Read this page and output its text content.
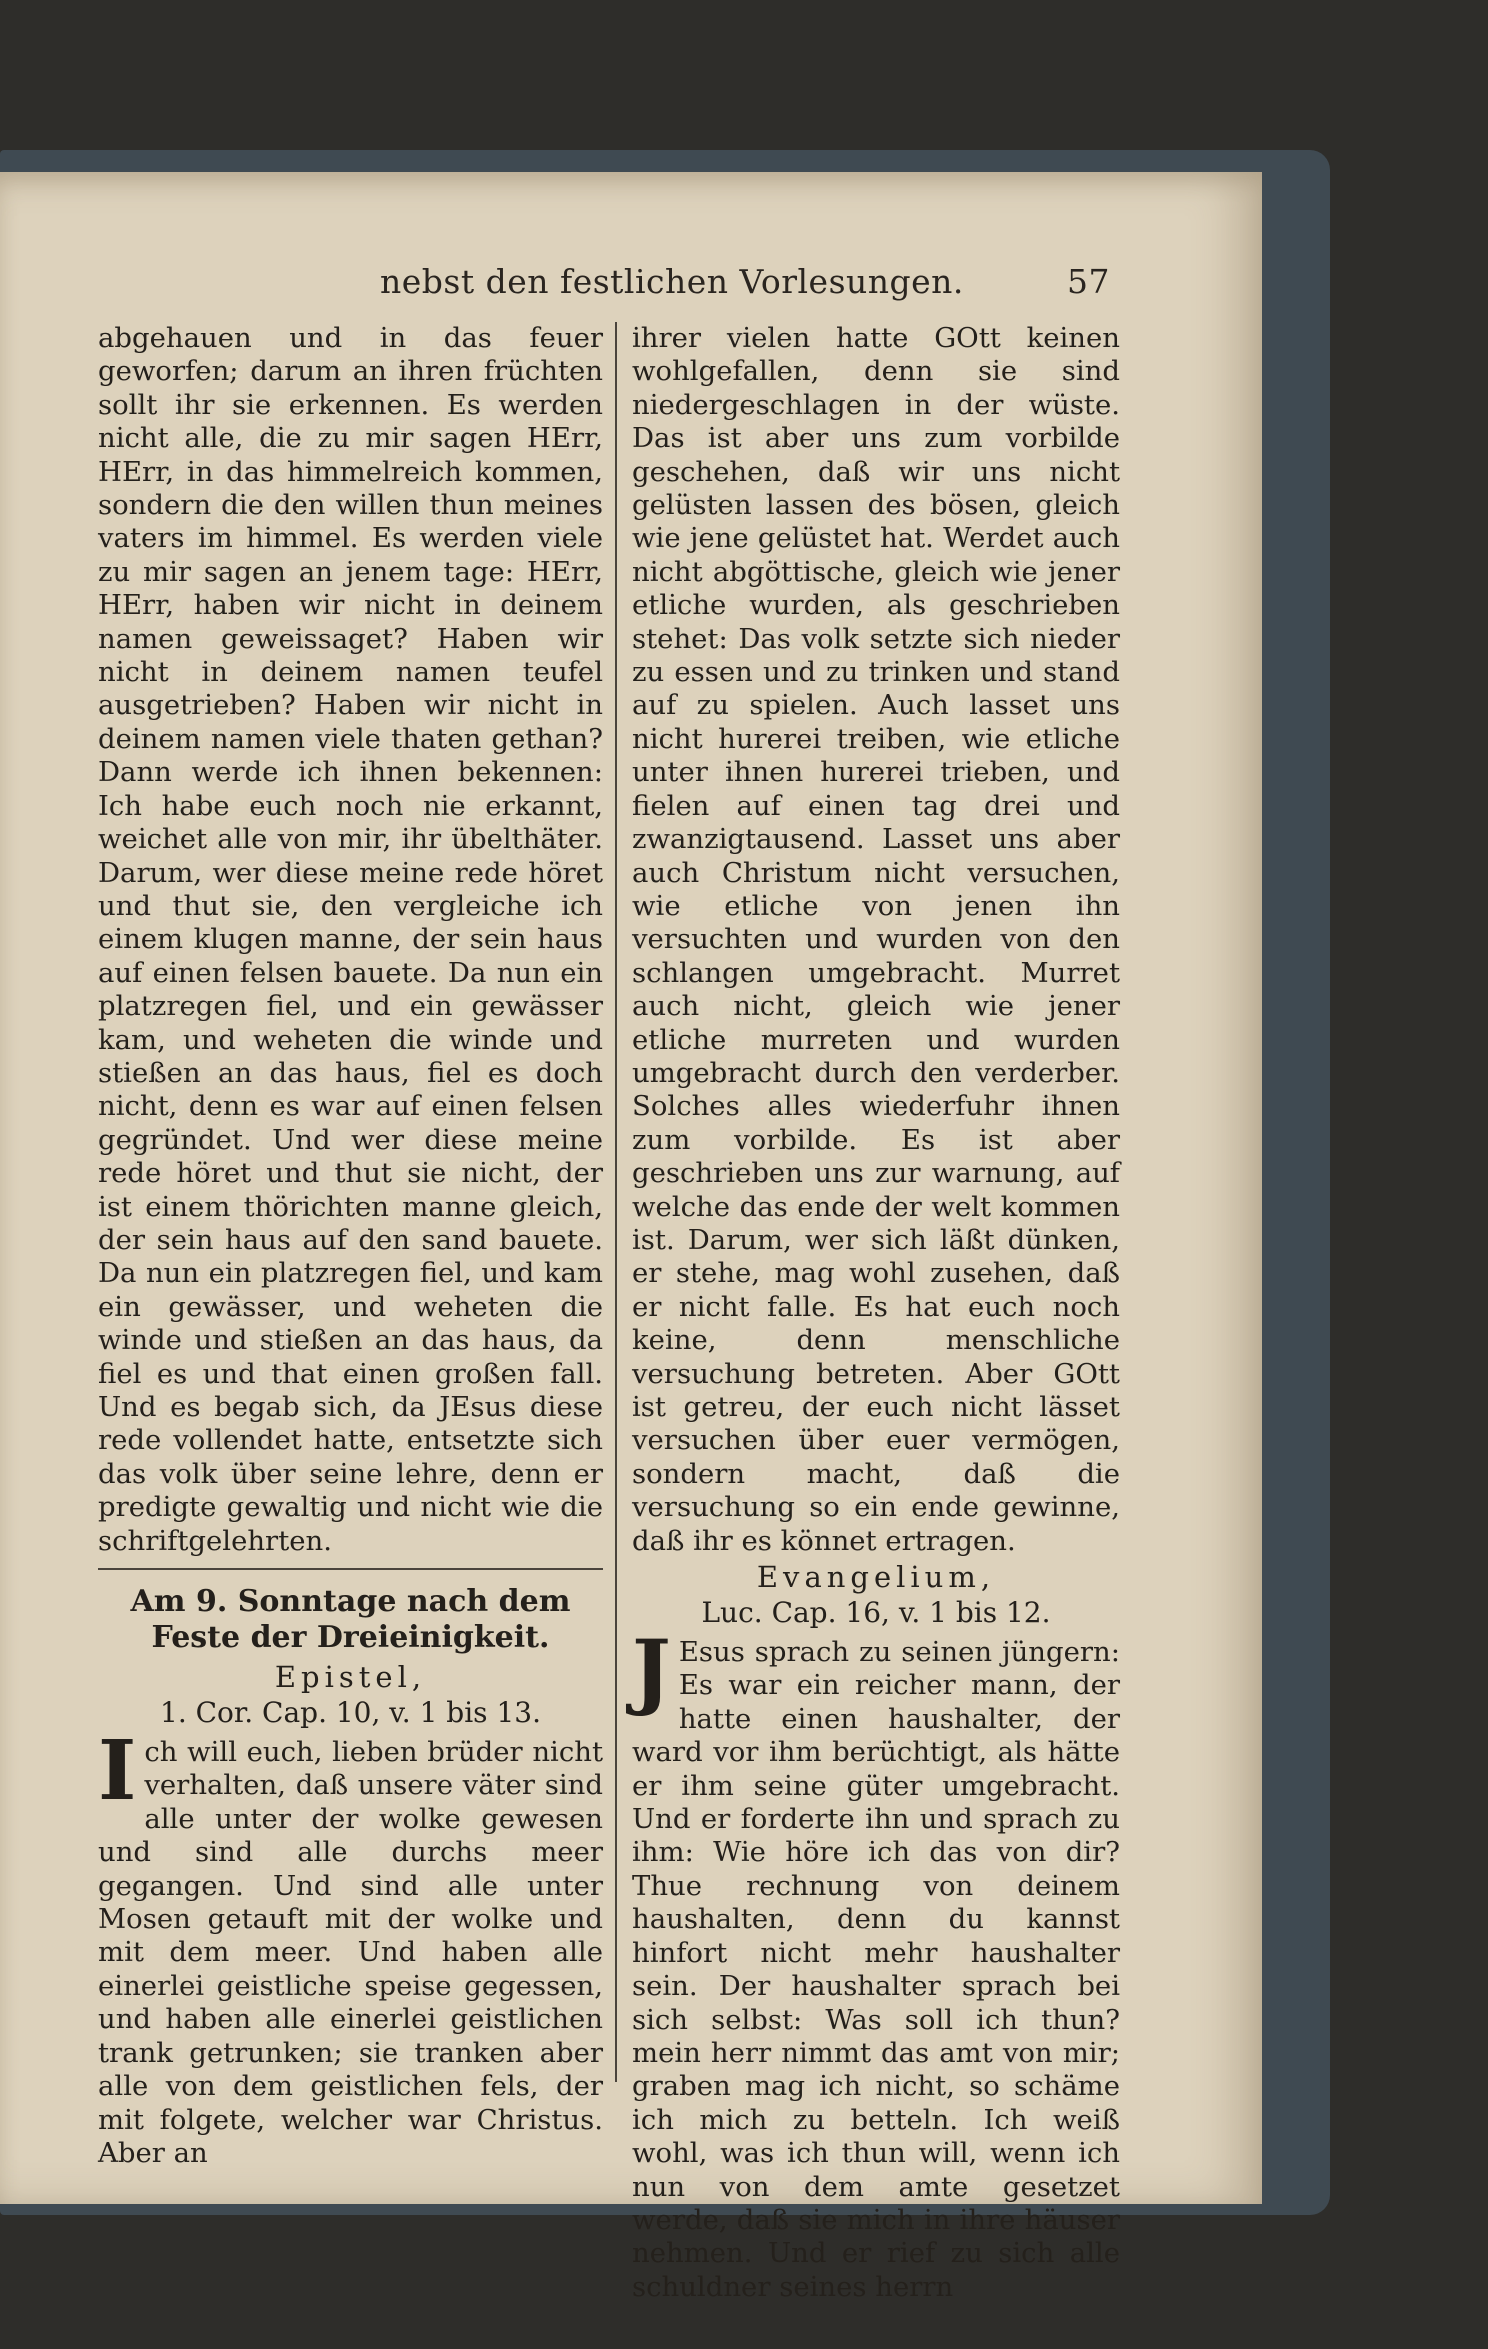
nebst den festlichen Vorlesungen.	57

abgehauen und in das feuer geworfen; darum an ihren früchten sollt ihr sie erkennen. Es werden nicht alle, die zu mir sagen HErr, HErr, in das himmelreich kommen, sondern die den willen thun meines vaters im himmel. Es werden viele zu mir sagen an jenem tage: HErr, HErr, haben wir nicht in deinem namen geweissaget? Haben wir nicht in deinem namen teufel ausgetrieben? Haben wir nicht in deinem namen viele thaten gethan? Dann werde ich ihnen bekennen: Ich habe euch noch nie erkannt, weichet alle von mir, ihr übelthäter. Darum, wer diese meine rede höret und thut sie, den vergleiche ich einem klugen manne, der sein haus auf einen felsen bauete. Da nun ein platzregen fiel, und ein gewässer kam, und weheten die winde und stießen an das haus, fiel es doch nicht, denn es war auf einen felsen gegründet. Und wer diese meine rede höret und thut sie nicht, der ist einem thörichten manne gleich, der sein haus auf den sand bauete. Da nun ein platzregen fiel, und kam ein gewässer, und weheten die winde und stießen an das haus, da fiel es und that einen großen fall. Und es begab sich, da JEsus diese rede vollendet hatte, entsetzte sich das volk über seine lehre, denn er predigte gewaltig und nicht wie die schriftgelehrten.

Am 9. Sonntage nach dem Feste der Dreieinigkeit.
Epistel,
1. Cor. Cap. 10, v. 1 bis 13.

Ich will euch, lieben brüder nicht verhalten, daß unsere väter sind alle unter der wolke gewesen und sind alle durchs meer gegangen. Und sind alle unter Mosen getauft mit der wolke und mit dem meer. Und haben alle einerlei geistliche speise gegessen, und haben alle einerlei geistlichen trank getrunken; sie tranken aber alle von dem geistlichen fels, der mit folgete, welcher war Christus. Aber an

ihrer vielen hatte GOtt keinen wohlgefallen, denn sie sind niedergeschlagen in der wüste. Das ist aber uns zum vorbilde geschehen, daß wir uns nicht gelüsten lassen des bösen, gleich wie jene gelüstet hat. Werdet auch nicht abgöttische, gleich wie jener etliche wurden, als geschrieben stehet: Das volk setzte sich nieder zu essen und zu trinken und stand auf zu spielen. Auch lasset uns nicht hurerei treiben, wie etliche unter ihnen hurerei trieben, und fielen auf einen tag drei und zwanzigtausend. Lasset uns aber auch Christum nicht versuchen, wie etliche von jenen ihn versuchten und wurden von den schlangen umgebracht. Murret auch nicht, gleich wie jener etliche murreten und wurden umgebracht durch den verderber. Solches alles wiederfuhr ihnen zum vorbilde. Es ist aber geschrieben uns zur warnung, auf welche das ende der welt kommen ist. Darum, wer sich läßt dünken, er stehe, mag wohl zusehen, daß er nicht falle. Es hat euch noch keine, denn menschliche versuchung betreten. Aber GOtt ist getreu, der euch nicht lässet versuchen über euer vermögen, sondern macht, daß die versuchung so ein ende gewinne, daß ihr es könnet ertragen.

Evangelium,
Luc. Cap. 16, v. 1 bis 12.

J Esus sprach zu seinen jüngern: Es war ein reicher mann, der hatte einen haushalter, der ward vor ihm berüchtigt, als hätte er ihm seine güter umgebracht. Und er forderte ihn und sprach zu ihm: Wie höre ich das von dir? Thue rechnung von deinem haushalten, denn du kannst hinfort nicht mehr haushalter sein. Der haushalter sprach bei sich selbst: Was soll ich thun? mein herr nimmt das amt von mir; graben mag ich nicht, so schäme ich mich zu betteln. Ich weiß wohl, was ich thun will, wenn ich nun von dem amte gesetzet werde, daß sie mich in ihre häuser nehmen. Und er rief zu sich alle schuldner seines herrn
